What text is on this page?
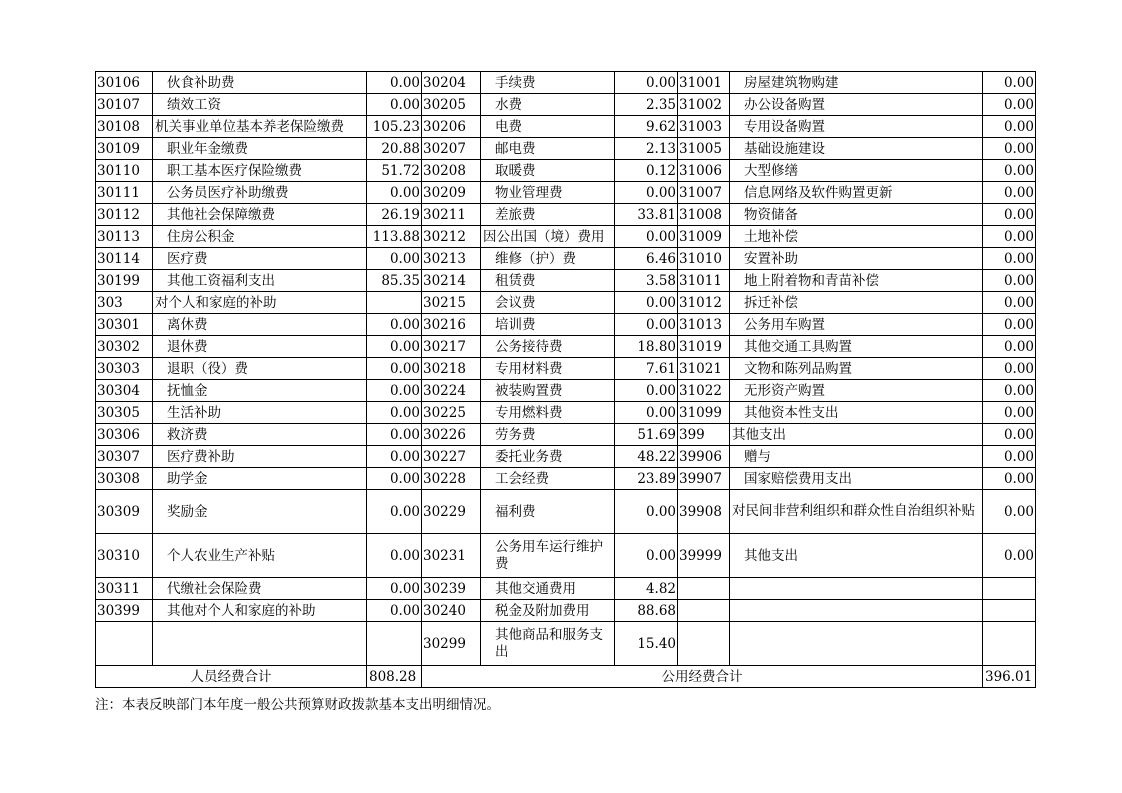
30106	伙食补助费	0.00	30204	手续费	0.00	31001	房屋建筑物购建	0.00
30107	绩效工资	0.00	30205	水费	2.35	31002	办公设备购置	0.00
30108	机关事业单位基本养老保险缴费	105.23	30206	电费	9.62	31003	专用设备购置	0.00
30109	职业年金缴费	20.88	30207	邮电费	2.13	31005	基础设施建设	0.00
30110	职工基本医疗保险缴费	51.72	30208	取暖费	0.12	31006	大型修缮	0.00
30111	公务员医疗补助缴费	0.00	30209	物业管理费	0.00	31007	信息网络及软件购置更新	0.00
30112	其他社会保障缴费	26.19	30211	差旅费	33.81	31008	物资储备	0.00
30113	住房公积金	113.88	30212	因公出国（境）费用	0.00	31009	土地补偿	0.00
30114	医疗费	0.00	30213	维修（护）费	6.46	31010	安置补助	0.00
30199	其他工资福利支出	85.35	30214	租赁费	3.58	31011	地上附着物和青苗补偿	0.00
303	对个人和家庭的补助		30215	会议费	0.00	31012	拆迁补偿	0.00
30301	离休费	0.00	30216	培训费	0.00	31013	公务用车购置	0.00
30302	退休费	0.00	30217	公务接待费	18.80	31019	其他交通工具购置	0.00
30303	退职（役）费	0.00	30218	专用材料费	7.61	31021	文物和陈列品购置	0.00
30304	抚恤金	0.00	30224	被装购置费	0.00	31022	无形资产购置	0.00
30305	生活补助	0.00	30225	专用燃料费	0.00	31099	其他资本性支出	0.00
30306	救济费	0.00	30226	劳务费	51.69	399	其他支出	0.00
30307	医疗费补助	0.00	30227	委托业务费	48.22	39906	赠与	0.00
30308	助学金	0.00	30228	工会经费	23.89	39907	国家赔偿费用支出	0.00
30309	奖励金	0.00	30229	福利费	0.00	39908	对民间非营利组织和群众性自治组织补贴	0.00
30310	个人农业生产补贴	0.00	30231	公务用车运行维护费	0.00	39999	其他支出	0.00
30311	代缴社会保险费	0.00	30239	其他交通费用	4.82			
30399	其他对个人和家庭的补助	0.00	30240	税金及附加费用	88.68			
			30299	其他商品和服务支出	15.40			
人员经费合计		808.28	公用经费合计					396.01
注：本表反映部门本年度一般公共预算财政拨款基本支出明细情况。
